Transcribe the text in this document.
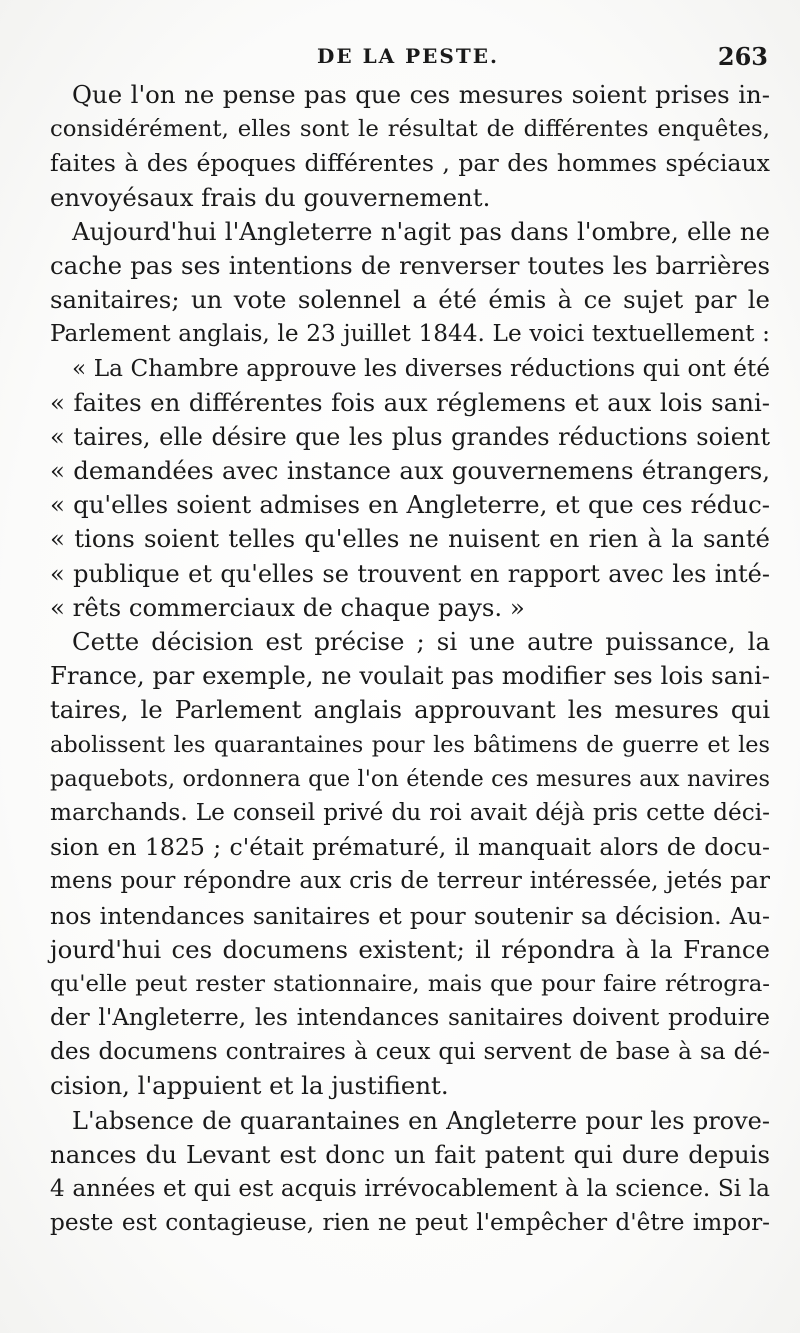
DE LA PESTE.	263
Que l'on ne pense pas que ces mesures soient prises in-
considérément, elles sont le résultat de différentes enquêtes,
faites à des époques différentes , par des hommes spéciaux
envoyésaux frais du gouvernement.
Aujourd'hui l'Angleterre n'agit pas dans l'ombre, elle ne
cache pas ses intentions de renverser toutes les barrières
sanitaires; un vote solennel a été émis à ce sujet par le
Parlement anglais, le 23 juillet 1844. Le voici textuellement :
« La Chambre approuve les diverses réductions qui ont été
« faites en différentes fois aux réglemens et aux lois sani-
« taires, elle désire que les plus grandes réductions soient
« demandées avec instance aux gouvernemens étrangers,
« qu'elles soient admises en Angleterre, et que ces réduc-
« tions soient telles qu'elles ne nuisent en rien à la santé
« publique et qu'elles se trouvent en rapport avec les inté-
« rêts commerciaux de chaque pays. »
Cette décision est précise ; si une autre puissance, la
France, par exemple, ne voulait pas modifier ses lois sani-
taires, le Parlement anglais approuvant les mesures qui
abolissent les quarantaines pour les bâtimens de guerre et les
paquebots, ordonnera que l'on étende ces mesures aux navires
marchands. Le conseil privé du roi avait déjà pris cette déci-
sion en 1825 ; c'était prématuré, il manquait alors de docu-
mens pour répondre aux cris de terreur intéressée, jetés par
nos intendances sanitaires et pour soutenir sa décision. Au-
jourd'hui ces documens existent; il répondra à la France
qu'elle peut rester stationnaire, mais que pour faire rétrogra-
der l'Angleterre, les intendances sanitaires doivent produire
des documens contraires à ceux qui servent de base à sa dé-
cision, l'appuient et la justifient.
L'absence de quarantaines en Angleterre pour les prove-
nances du Levant est donc un fait patent qui dure depuis
4 années et qui est acquis irrévocablement à la science. Si la
peste est contagieuse, rien ne peut l'empêcher d'être impor-
